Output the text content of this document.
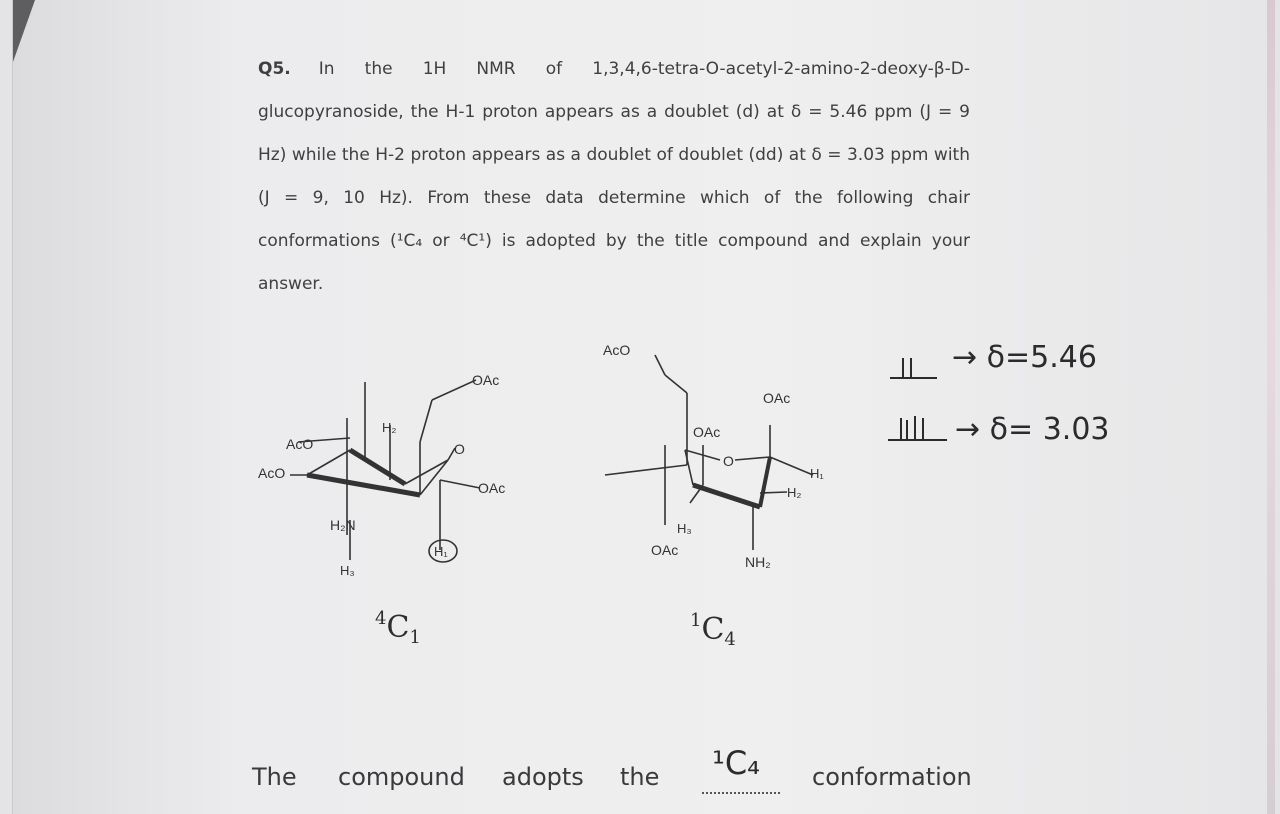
Q5. In the 1H NMR of 1,3,4,6-tetra-O-acetyl-2-amino-2-deoxy-β-D-glucopyranoside, the H-1 proton appears as a doublet (d) at δ = 5.46 ppm (J = 9 Hz) while the H-2 proton appears as a doublet of doublet (dd) at δ = 3.03 ppm with (J = 9, 10 Hz). From these data determine which of the following chair conformations (¹C₄ or ⁴C¹) is adopted by the title compound and explain your answer.
AcO
AcO
H₂
OAc
O
OAc
H₂N
H₃
H₁
AcO
OAc
OAc
O
H₁
H₂
H₃
OAc
NH₂
$^4C_1$
$^1C_4$
→ δ=5.46
→ δ= 3.03
The compound adopts the	conformation
¹C₄
